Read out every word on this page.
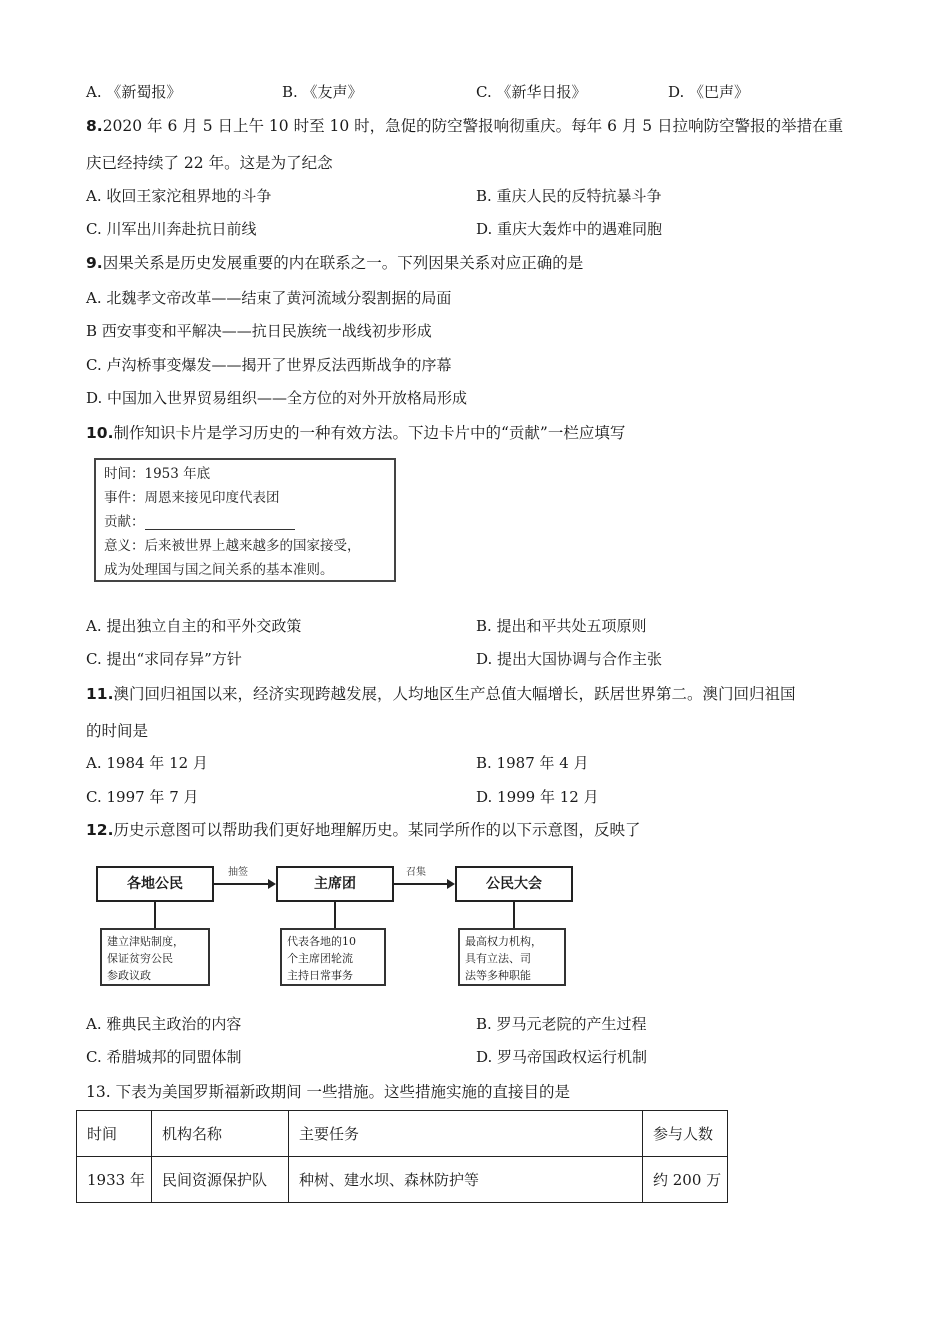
A. 《新蜀报》	B. 《友声》	C. 《新华日报》	D. 《巴声》
8.2020 年 6 月 5 日上午 10 时至 10 时，急促的防空警报响彻重庆。每年 6 月 5 日拉响防空警报的举措在重
庆已经持续了 22 年。这是为了纪念
A. 收回王家沱租界地的斗争	B. 重庆人民的反特抗暴斗争
C. 川军出川奔赴抗日前线	D. 重庆大轰炸中的遇难同胞
9.因果关系是历史发展重要的内在联系之一。下列因果关系对应正确的是
A. 北魏孝文帝改革——结束了黄河流域分裂割据的局面
B 西安事变和平解决——抗日民族统一战线初步形成
C. 卢沟桥事变爆发——揭开了世界反法西斯战争的序幕
D. 中国加入世界贸易组织——全方位的对外开放格局形成
10.制作知识卡片是学习历史的一种有效方法。下边卡片中的“贡献”一栏应填写
时间：1953 年底
事件：周恩来接见印度代表团
贡献：
意义：后来被世界上越来越多的国家接受，
成为处理国与国之间关系的基本准则。
A. 提出独立自主的和平外交政策	B. 提出和平共处五项原则
C. 提出“求同存异”方针	D. 提出大国协调与合作主张
11.澳门回归祖国以来，经济实现跨越发展，人均地区生产总值大幅增长，跃居世界第二。澳门回归祖国
的时间是
A. 1984 年 12 月	B. 1987 年 4 月
C. 1997 年 7 月	D. 1999 年 12 月
12.历史示意图可以帮助我们更好地理解历史。某同学所作的以下示意图，反映了
各地公民	主席团	公民大会
抽签	召集
建立津贴制度，
保证贫穷公民
参政议政
代表各地的10
个主席团轮流
主持日常事务
最高权力机构，
具有立法、司
法等多种职能
A. 雅典民主政治的内容	B. 罗马元老院的产生过程
C. 希腊城邦的同盟体制	D. 罗马帝国政权运行机制
13. 下表为美国罗斯福新政期间 一些措施。这些措施实施的直接目的是
时间	机构名称	主要任务	参与人数
1933 年	民间资源保护队	种树、建水坝、森林防护等	约 200 万
